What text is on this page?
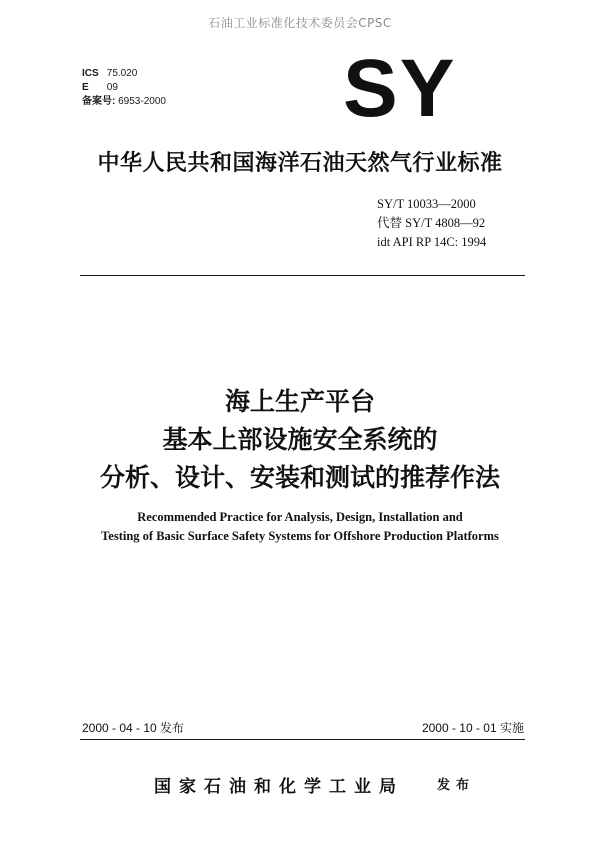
石油工业标准化技术委员会CPSC
ICS 75.020
E 09
备案号: 6953-2000 SY
中华人民共和国海洋石油天然气行业标准
SY/T 10033—2000
代替 SY/T 4808—92
idt API RP 14C: 1994
海上生产平台
基本上部设施安全系统的
分析、设计、安装和测试的推荐作法
Recommended Practice for Analysis, Design, Installation and
Testing of Basic Surface Safety Systems for Offshore Production Platforms
2000 - 04 - 10 发布	2000 - 10 - 01 实施
国家石油和化学工业局	发布
